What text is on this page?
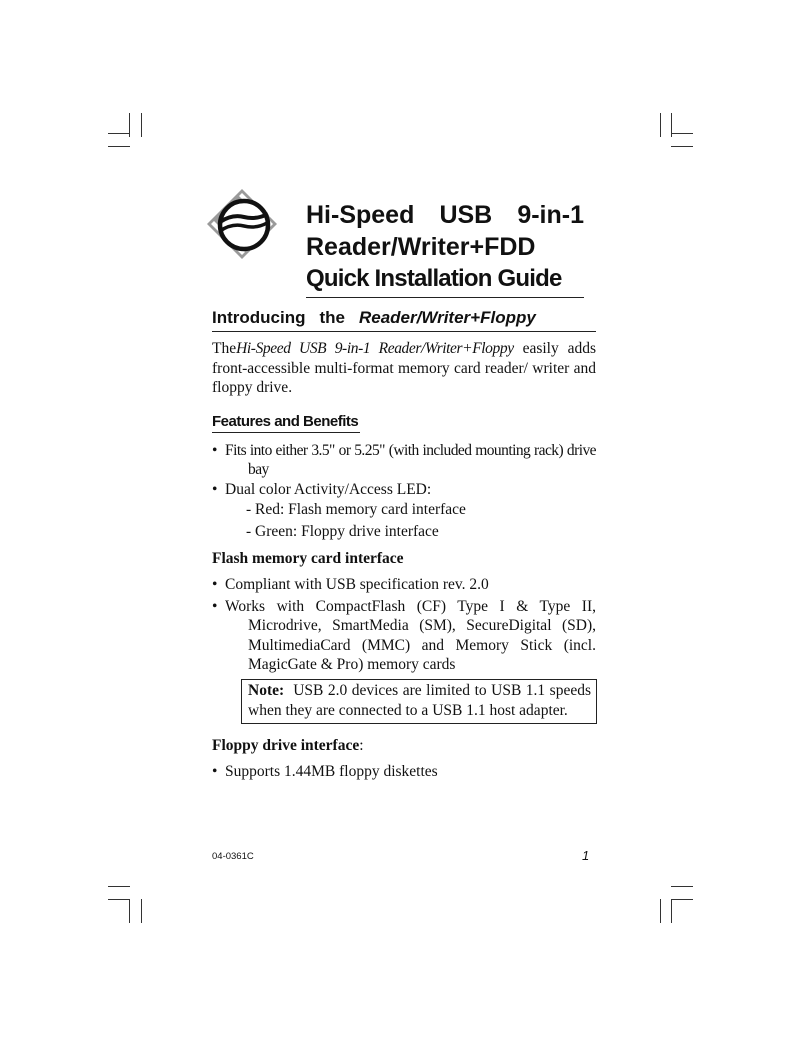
Hi-Speed USB 9-in-1
Reader/Writer+FDD
Quick Installation Guide
Introducing the Reader/Writer+Floppy
TheHi-Speed USB 9-in-1 Reader/Writer+Floppy easily adds front-accessible multi-format memory card reader/ writer and floppy drive.
Features and Benefits
• Fits into either 3.5" or 5.25" (with included mounting rack) drive bay
• Dual color Activity/Access LED:
- Red: Flash memory card interface
- Green: Floppy drive interface
Flash memory card interface
• Compliant with USB specification rev. 2.0
• Works with CompactFlash (CF) Type I & Type II, Microdrive, SmartMedia (SM), SecureDigital (SD), MultimediaCard (MMC) and Memory Stick (incl. MagicGate & Pro) memory cards
Note: USB 2.0 devices are limited to USB 1.1 speeds when they are connected to a USB 1.1 host adapter.
Floppy drive interface:
• Supports 1.44MB floppy diskettes
04-0361C	1
